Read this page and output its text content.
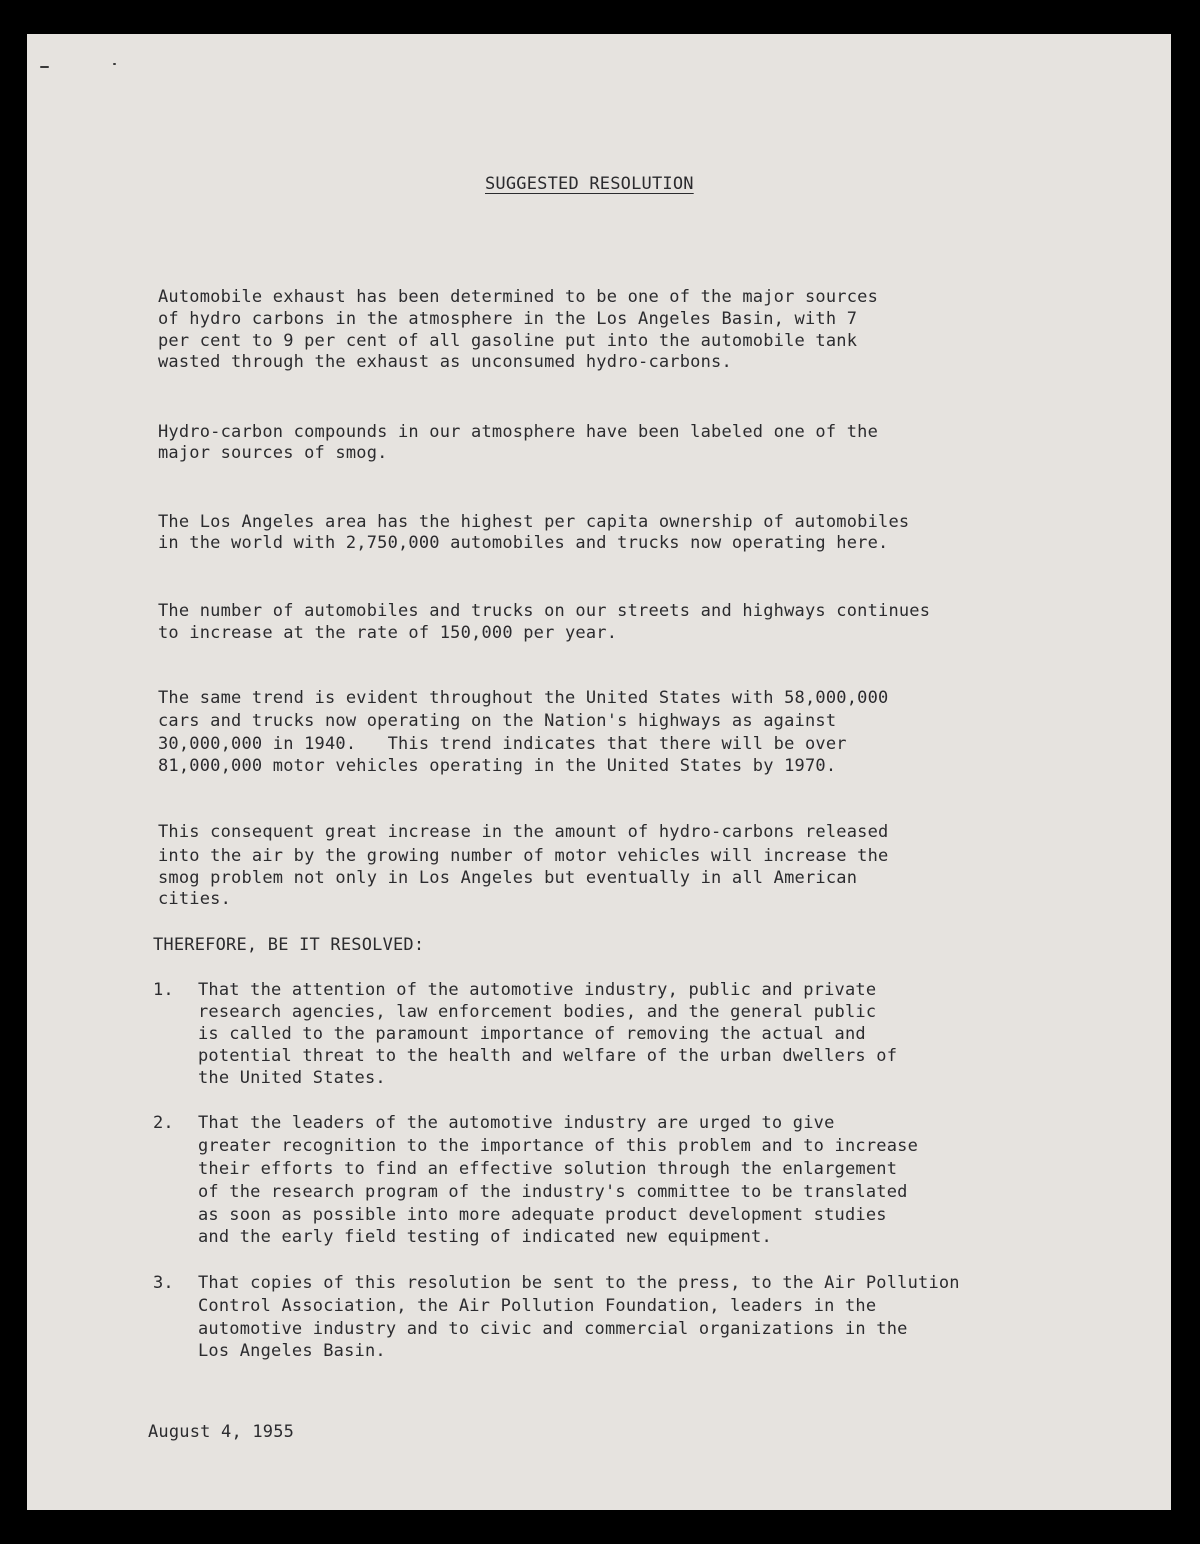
SUGGESTED RESOLUTION
Automobile exhaust has been determined to be one of the major sources
of hydro carbons in the atmosphere in the Los Angeles Basin, with 7
per cent to 9 per cent of all gasoline put into the automobile tank
wasted through the exhaust as unconsumed hydro-carbons.
Hydro-carbon compounds in our atmosphere have been labeled one of the
major sources of smog.
The Los Angeles area has the highest per capita ownership of automobiles
in the world with 2,750,000 automobiles and trucks now operating here.
The number of automobiles and trucks on our streets and highways continues
to increase at the rate of 150,000 per year.
The same trend is evident throughout the United States with 58,000,000
cars and trucks now operating on the Nation's highways as against
30,000,000 in 1940.   This trend indicates that there will be over
81,000,000 motor vehicles operating in the United States by 1970.
This consequent great increase in the amount of hydro-carbons released
into the air by the growing number of motor vehicles will increase the
smog problem not only in Los Angeles but eventually in all American
cities.
THEREFORE, BE IT RESOLVED:
1. That the attention of the automotive industry, public and private
research agencies, law enforcement bodies, and the general public
is called to the paramount importance of removing the actual and
potential threat to the health and welfare of the urban dwellers of
the United States.
2. That the leaders of the automotive industry are urged to give
greater recognition to the importance of this problem and to increase
their efforts to find an effective solution through the enlargement
of the research program of the industry's committee to be translated
as soon as possible into more adequate product development studies
and the early field testing of indicated new equipment.
3. That copies of this resolution be sent to the press, to the Air Pollution
Control Association, the Air Pollution Foundation, leaders in the
automotive industry and to civic and commercial organizations in the
Los Angeles Basin.
August 4, 1955
